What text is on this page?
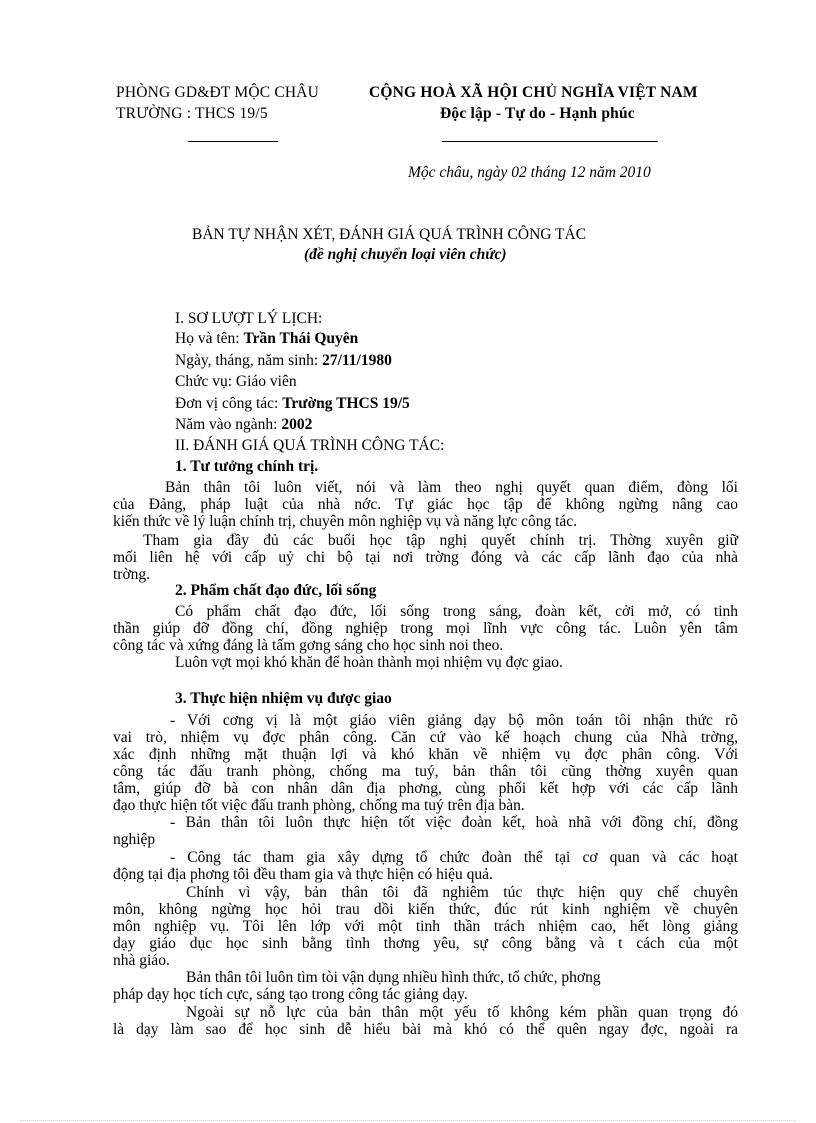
PHÒNG GD&ĐT MỘC CHÂU
TRƯỜNG : THCS 19/5
CỘNG HOÀ XÃ HỘI CHỦ NGHĨA VIỆT NAM
Độc lập - Tự do - Hạnh phúc
Mộc châu, ngày 02 tháng 12 năm 2010
BẢN TỰ NHẬN XÉT, ĐÁNH GIÁ QUÁ TRÌNH CÔNG TÁC
(đề nghị chuyển loại viên chức)
I. SƠ LƯỢT LÝ LỊCH:
Họ và tên: Trần Thái Quyên
Ngày, tháng, năm sinh: 27/11/1980
Chức vụ: Giáo viên
Đơn vị công tác: Trường THCS 19/5
Năm vào ngành: 2002
II. ĐÁNH GIÁ QUÁ TRÌNH CÔNG TÁC:
1. Tư tưởng chính trị.
Bản thân tôi luôn viết, nói và làm theo nghị quyết quan điểm, đòng lối
của Đảng, pháp luật của nhà nớc. Tự giác học tập để không ngừng nâng cao
kiến thức về lý luận chính trị, chuyên môn nghiệp vụ và năng lực công tác.
Tham gia đầy đủ các buổi học tập nghị quyết chính trị. Thờng xuyên giữ
mối liên hệ với cấp uỷ chi bộ tại nơi trờng đóng và các cấp lãnh đạo của nhà
trờng.
2. Phẩm chất đạo đức, lối sống
Có phẩm chất đạo đức, lối sống trong sáng, đoàn kết, cởi mở, có tinh
thần giúp đỡ đồng chí, đồng nghiệp trong mọi lĩnh vực công tác. Luôn yên tâm
công tác và xứng đáng là tấm gơng sáng cho học sinh noi theo.
Luôn vợt mọi khó khăn để hoàn thành mọi nhiệm vụ đợc giao.
3. Thực hiện nhiệm vụ được giao
- Với cơng vị là một giáo viên giảng dạy bộ môn toán tôi nhận thức rõ
vai trò, nhiệm vụ đợc phân công. Căn cứ vào kế hoạch chung của Nhà trờng,
xác định những mặt thuận lợi và khó khăn về nhiệm vụ đợc phân công. Với
công tác đấu tranh phòng, chống ma tuý, bản thân tôi cũng thờng xuyên quan
tâm, giúp đỡ bà con nhân dân địa phơng, cùng phối kết hợp với các cấp lãnh
đạo thực hiện tốt việc đấu tranh phòng, chống ma tuý trên địa bàn.
- Bản thân tôi luôn thực hiện tốt việc đoàn kết, hoà nhã với đồng chí, đồng
nghiệp
- Công tác tham gia xây dựng tổ chức đoàn thể tại cơ quan và các hoạt
động tại địa phơng tôi đều tham gia và thực hiện có hiệu quả.
Chính vì vậy, bản thân tôi đã nghiêm túc thực hiện quy chế chuyên
môn, không ngừng học hỏi trau dồi kiến thức, đúc rút kinh nghiệm về chuyên
môn nghiệp vụ. Tôi lên lớp với một tinh thần trách nhiệm cao, hết lòng giảng
dạy giáo dục học sinh bằng tình thơng yêu, sự công bằng và t cách của một
nhà giáo.
Bản thân tôi luôn tìm tòi vận dụng nhiều hình thức, tổ chức, phơng
pháp dạy học tích cực, sáng tạo trong công tác giảng dạy.
Ngoài sự nỗ lực của bản thân một yếu tố không kém phần quan trọng đó
là dạy làm sao để học sinh dễ hiểu bài mà khó có thể quên ngay đợc, ngoài ra
